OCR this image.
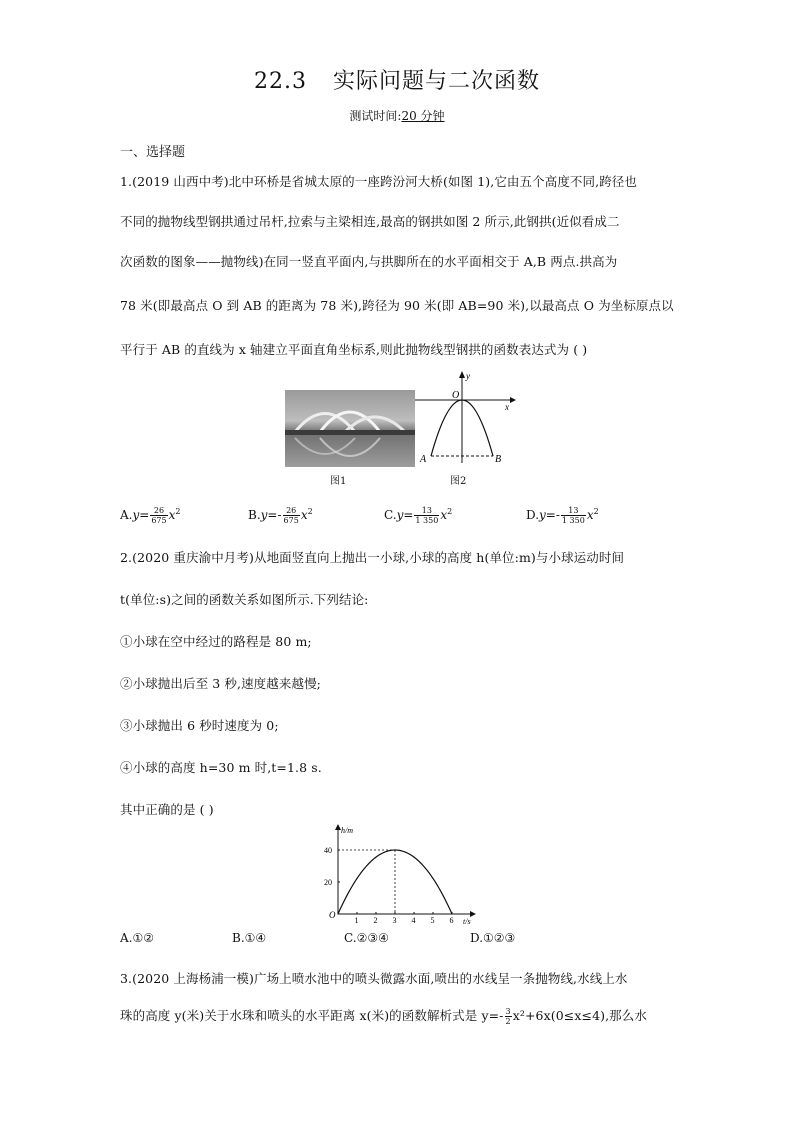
22.3 实际问题与二次函数
测试时间:20 分钟
一、选择题
1.(2019 山西中考)北中环桥是省城太原的一座跨汾河大桥(如图 1),它由五个高度不同,跨径也
不同的抛物线型钢拱通过吊杆,拉索与主梁相连,最高的钢拱如图 2 所示,此钢拱(近似看成二
次函数的图象——抛物线)在同一竖直平面内,与拱脚所在的水平面相交于 A,B 两点.拱高为
78 米(即最高点 O 到 AB 的距离为 78 米),跨径为 90 米(即 AB=90 米),以最高点 O 为坐标原点以
平行于 AB 的直线为 x 轴建立平面直角坐标系,则此抛物线型钢拱的函数表达式为 ( )
图1
y
x
O
A	B
图2
$A.y= \frac{26}{675} x^2$	$B.y=- \frac{26}{675} x^2$	$C.y= \frac{13}{1 350} x^2$	$D.y=- \frac{13}{1 350} x^2$
2.(2020 重庆渝中月考)从地面竖直向上抛出一小球,小球的高度 h(单位:m)与小球运动时间
t(单位:s)之间的函数关系如图所示.下列结论:
①小球在空中经过的路程是 80 m;
②小球抛出后至 3 秒,速度越来越慢;
③小球抛出 6 秒时速度为 0;
④小球的高度 h=30 m 时,t=1.8 s.
其中正确的是 ( )
h/m
t/s
O
1 2 3 4 5 6
20
40
A.①②	B.①④	C.②③④	D.①②③
3.(2020 上海杨浦一模)广场上喷水池中的喷头微露水面,喷出的水线呈一条抛物线,水线上水
珠的高度 y(米)关于水珠和喷头的水平距离 x(米)的函数解析式是 $y=- \frac{3}{2} x^2+6x(0\le x\le 4)$,那么水
